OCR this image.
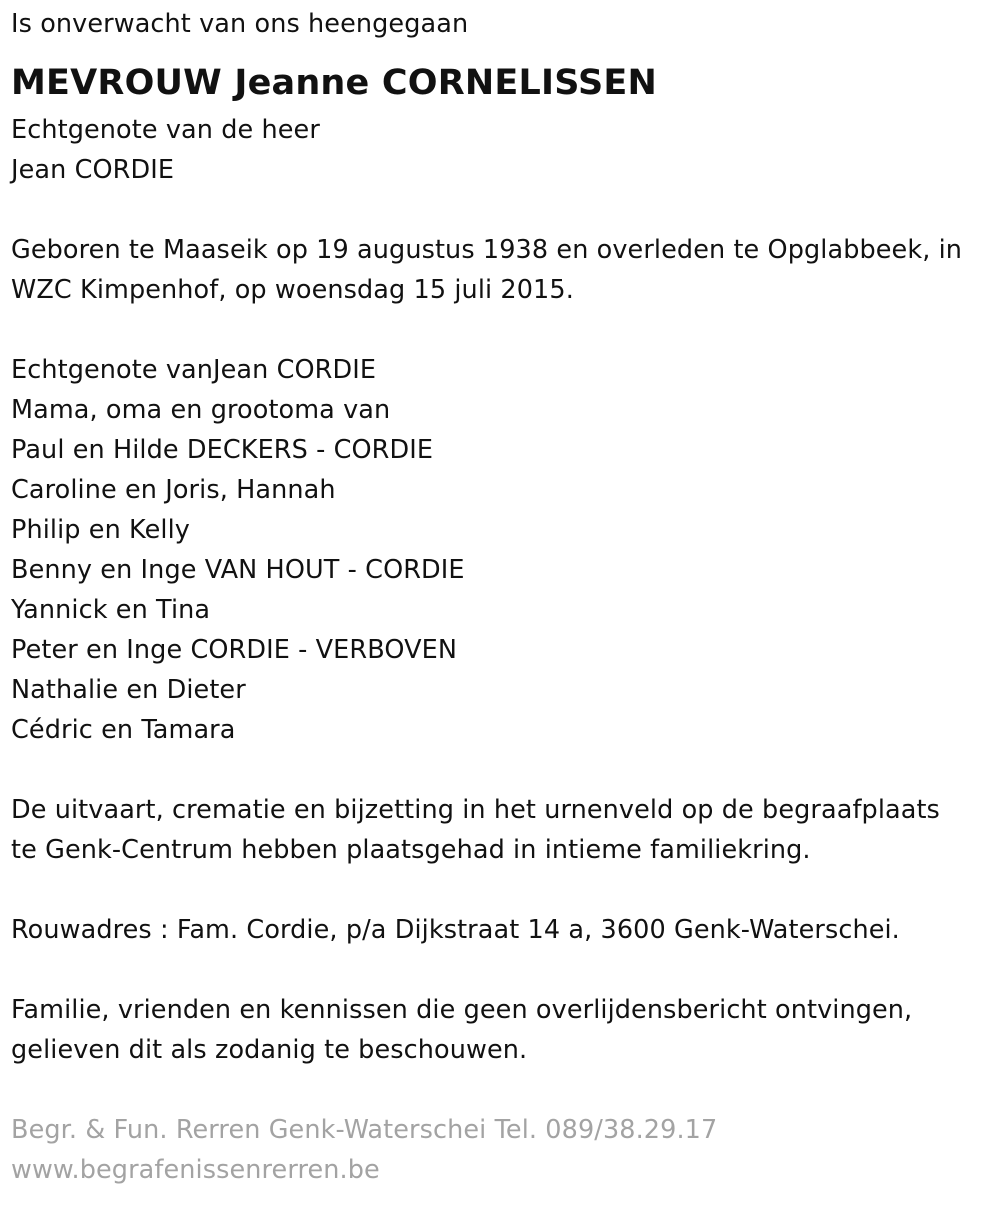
Is onverwacht van ons heengegaan
MEVROUW Jeanne CORNELISSEN
Echtgenote van de heer
Jean CORDIE
Geboren te Maaseik op 19 augustus 1938 en overleden te Opglabbeek, in
WZC Kimpenhof, op woensdag 15 juli 2015.
Echtgenote vanJean CORDIE
Mama, oma en grootoma van
Paul en Hilde DECKERS - CORDIE
Caroline en Joris, Hannah
Philip en Kelly
Benny en Inge VAN HOUT - CORDIE
Yannick en Tina
Peter en Inge CORDIE - VERBOVEN
Nathalie en Dieter
Cédric en Tamara
De uitvaart, crematie en bijzetting in het urnenveld op de begraafplaats
te Genk-Centrum hebben plaatsgehad in intieme familiekring.
Rouwadres : Fam. Cordie, p/a Dijkstraat 14 a, 3600 Genk-Waterschei.
Familie, vrienden en kennissen die geen overlijdensbericht ontvingen,
gelieven dit als zodanig te beschouwen.
Begr. & Fun. Rerren Genk-Waterschei Tel. 089/38.29.17
www.begrafenissenrerren.be
